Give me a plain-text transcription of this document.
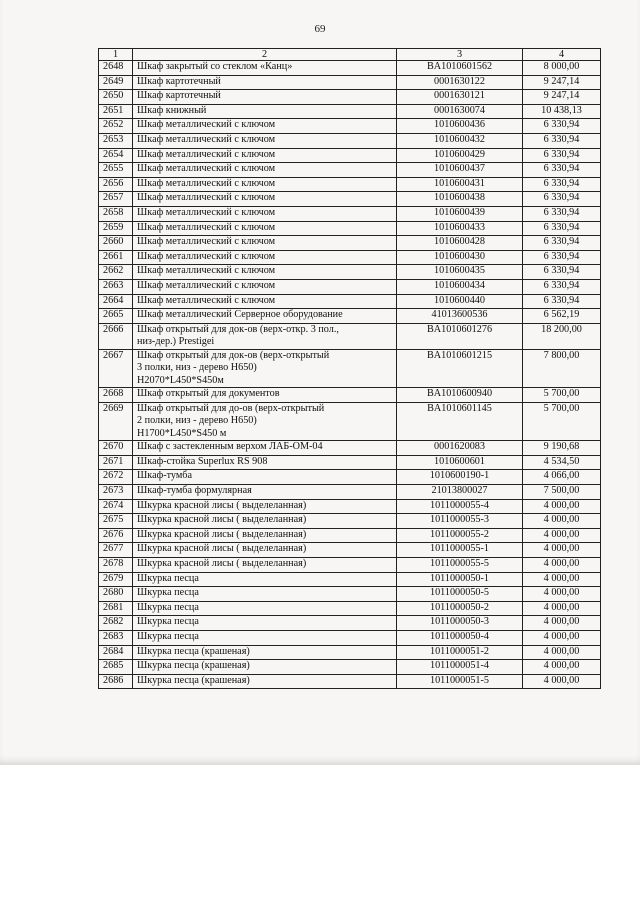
69
1	2	3	4
2648	Шкаф закрытый со стеклом «Канц»	BA1010601562	8 000,00
2649	Шкаф картотечный	0001630122	9 247,14
2650	Шкаф картотечный	0001630121	9 247,14
2651	Шкаф книжный	0001630074	10 438,13
2652	Шкаф металлический с ключом	1010600436	6 330,94
2653	Шкаф металлический с ключом	1010600432	6 330,94
2654	Шкаф металлический с ключом	1010600429	6 330,94
2655	Шкаф металлический с ключом	1010600437	6 330,94
2656	Шкаф металлический с ключом	1010600431	6 330,94
2657	Шкаф металлический с ключом	1010600438	6 330,94
2658	Шкаф металлический с ключом	1010600439	6 330,94
2659	Шкаф металлический с ключом	1010600433	6 330,94
2660	Шкаф металлический с ключом	1010600428	6 330,94
2661	Шкаф металлический с ключом	1010600430	6 330,94
2662	Шкаф металлический с ключом	1010600435	6 330,94
2663	Шкаф металлический с ключом	1010600434	6 330,94
2664	Шкаф металлический с ключом	1010600440	6 330,94
2665	Шкаф металлический Серверное оборудование	41013600536	6 562,19
2666	Шкаф открытый для док-ов (верх-откр. 3 пол.,
низ-дер.) Prestigei	BA1010601276	18 200,00
2667	Шкаф открытый для док-ов (верх-открытый
3 полки, низ - дерево H650)
H2070*L450*S450м	BA1010601215	7 800,00
2668	Шкаф открытый для документов	BA1010600940	5 700,00
2669	Шкаф открытый для до-ов (верх-открытый
2 полки, низ - дерево H650)
H1700*L450*S450 м	BA1010601145	5 700,00
2670	Шкаф с застекленным верхом ЛАБ-ОМ-04	0001620083	9 190,68
2671	Шкаф-стойка Superlux RS 908	1010600601	4 534,50
2672	Шкаф-тумба	1010600190-1	4 066,00
2673	Шкаф-тумба формулярная	21013800027	7 500,00
2674	Шкурка красной лисы ( выделеланная)	1011000055-4	4 000,00
2675	Шкурка красной лисы ( выделеланная)	1011000055-3	4 000,00
2676	Шкурка красной лисы ( выделеланная)	1011000055-2	4 000,00
2677	Шкурка красной лисы ( выделеланная)	1011000055-1	4 000,00
2678	Шкурка красной лисы ( выделеланная)	1011000055-5	4 000,00
2679	Шкурка песца	1011000050-1	4 000,00
2680	Шкурка песца	1011000050-5	4 000,00
2681	Шкурка песца	1011000050-2	4 000,00
2682	Шкурка песца	1011000050-3	4 000,00
2683	Шкурка песца	1011000050-4	4 000,00
2684	Шкурка песца (крашеная)	1011000051-2	4 000,00
2685	Шкурка песца (крашеная)	1011000051-4	4 000,00
2686	Шкурка песца (крашеная)	1011000051-5	4 000,00
